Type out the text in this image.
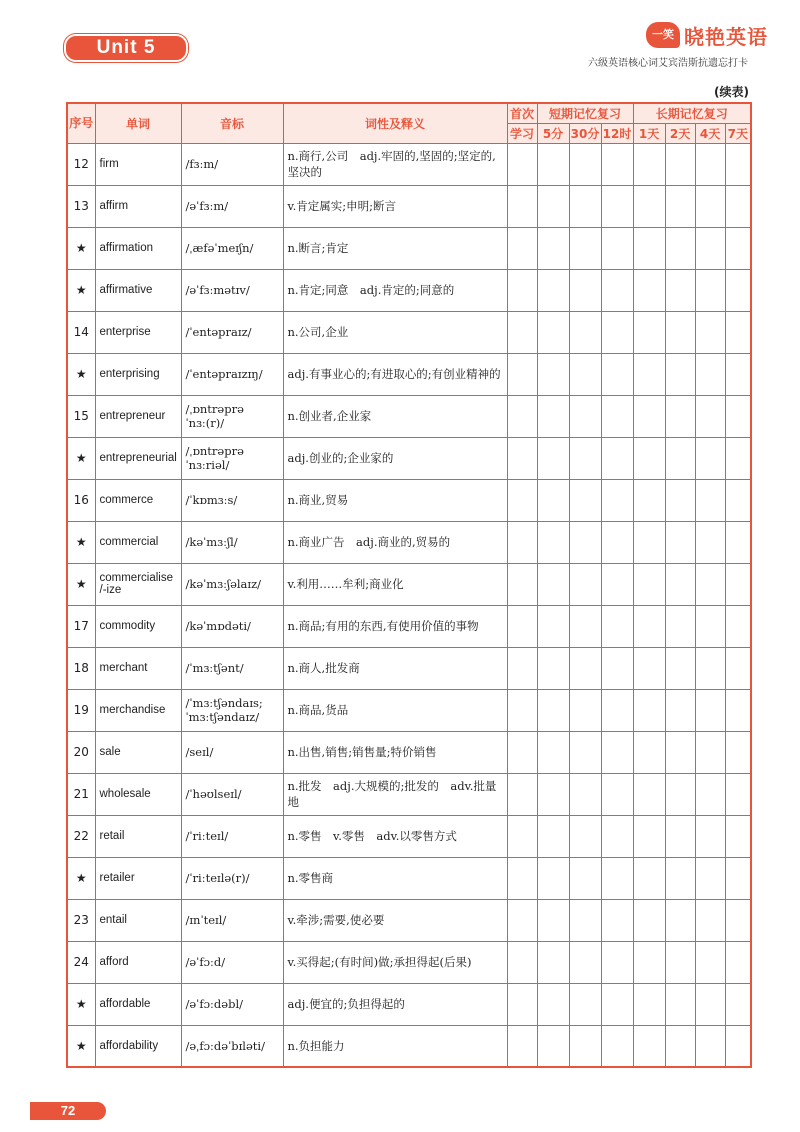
Unit 5
一笑 晓艳英语
六级英语核心词艾宾浩斯抗遗忘打卡
(续表)
序号	单词	音标	词性及释义	首次	短期记忆复习			长期记忆复习			
				学习	5分	30分	12时	1天	2天	4天	7天
12	firm	/fɜːm/	n.商行,公司　adj.牢固的,坚固的;坚定的,坚决的								
13	affirm	/əˈfɜːm/	v.肯定属实;申明;断言								
★	affirmation	/ˌæfəˈmeɪʃn/	n.断言;肯定								
★	affirmative	/əˈfɜːmətɪv/	n.肯定;同意　adj.肯定的;同意的								
14	enterprise	/ˈentəpraɪz/	n.公司,企业								
★	enterprising	/ˈentəpraɪzɪŋ/	adj.有事业心的;有进取心的;有创业精神的								
15	entrepreneur	/ˌɒntrəprəˈnɜː(r)/	n.创业者,企业家								
★	entrepreneurial	/ˌɒntrəprəˈnɜːriəl/	adj.创业的;企业家的								
16	commerce	/ˈkɒmɜːs/	n.商业,贸易								
★	commercial	/kəˈmɜːʃl/	n.商业广告　adj.商业的,贸易的								
★	commercialise /-ize	/kəˈmɜːʃəlaɪz/	v.利用……牟利;商业化								
17	commodity	/kəˈmɒdəti/	n.商品;有用的东西,有使用价值的事物								
18	merchant	/ˈmɜːtʃənt/	n.商人,批发商								
19	merchandise	/ˈmɜːtʃəndaɪs; ˈmɜːtʃəndaɪz/	n.商品,货品								
20	sale	/seɪl/	n.出售,销售;销售量;特价销售								
21	wholesale	/ˈhəʊlseɪl/	n.批发　adj.大规模的;批发的　adv.批量地								
22	retail	/ˈriːteɪl/	n.零售　v.零售　adv.以零售方式								
★	retailer	/ˈriːteɪlə(r)/	n.零售商								
23	entail	/ɪnˈteɪl/	v.牵涉;需要,使必要								
24	afford	/əˈfɔːd/	v.买得起;(有时间)做;承担得起(后果)								
★	affordable	/əˈfɔːdəbl/	adj.便宜的;负担得起的								
★	affordability	/əˌfɔːdəˈbɪləti/	n.负担能力								
72
